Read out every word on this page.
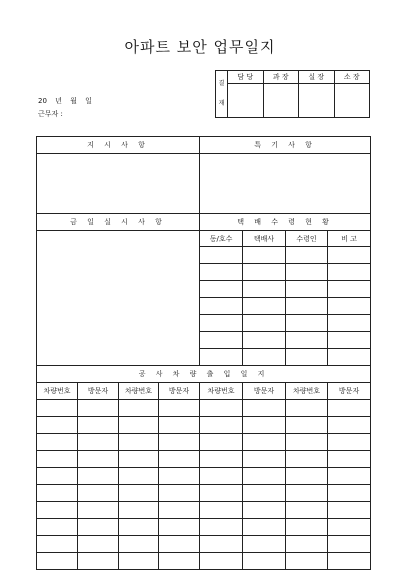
아파트 보안 업무일지
20 년 월 일
근무자 :
결
재	담 당	과 장	실 장	소 장

지 시 사 항				특 기 사 항			

금 일 실 시 사 항				택 배 수 령 현 황			
				동/호수	택배사	수령인	비 고

공 사 차 량 출 입 일 지							
차량번호	방문자	차량번호	방문자	차량번호	방문자	차량번호	방문자
